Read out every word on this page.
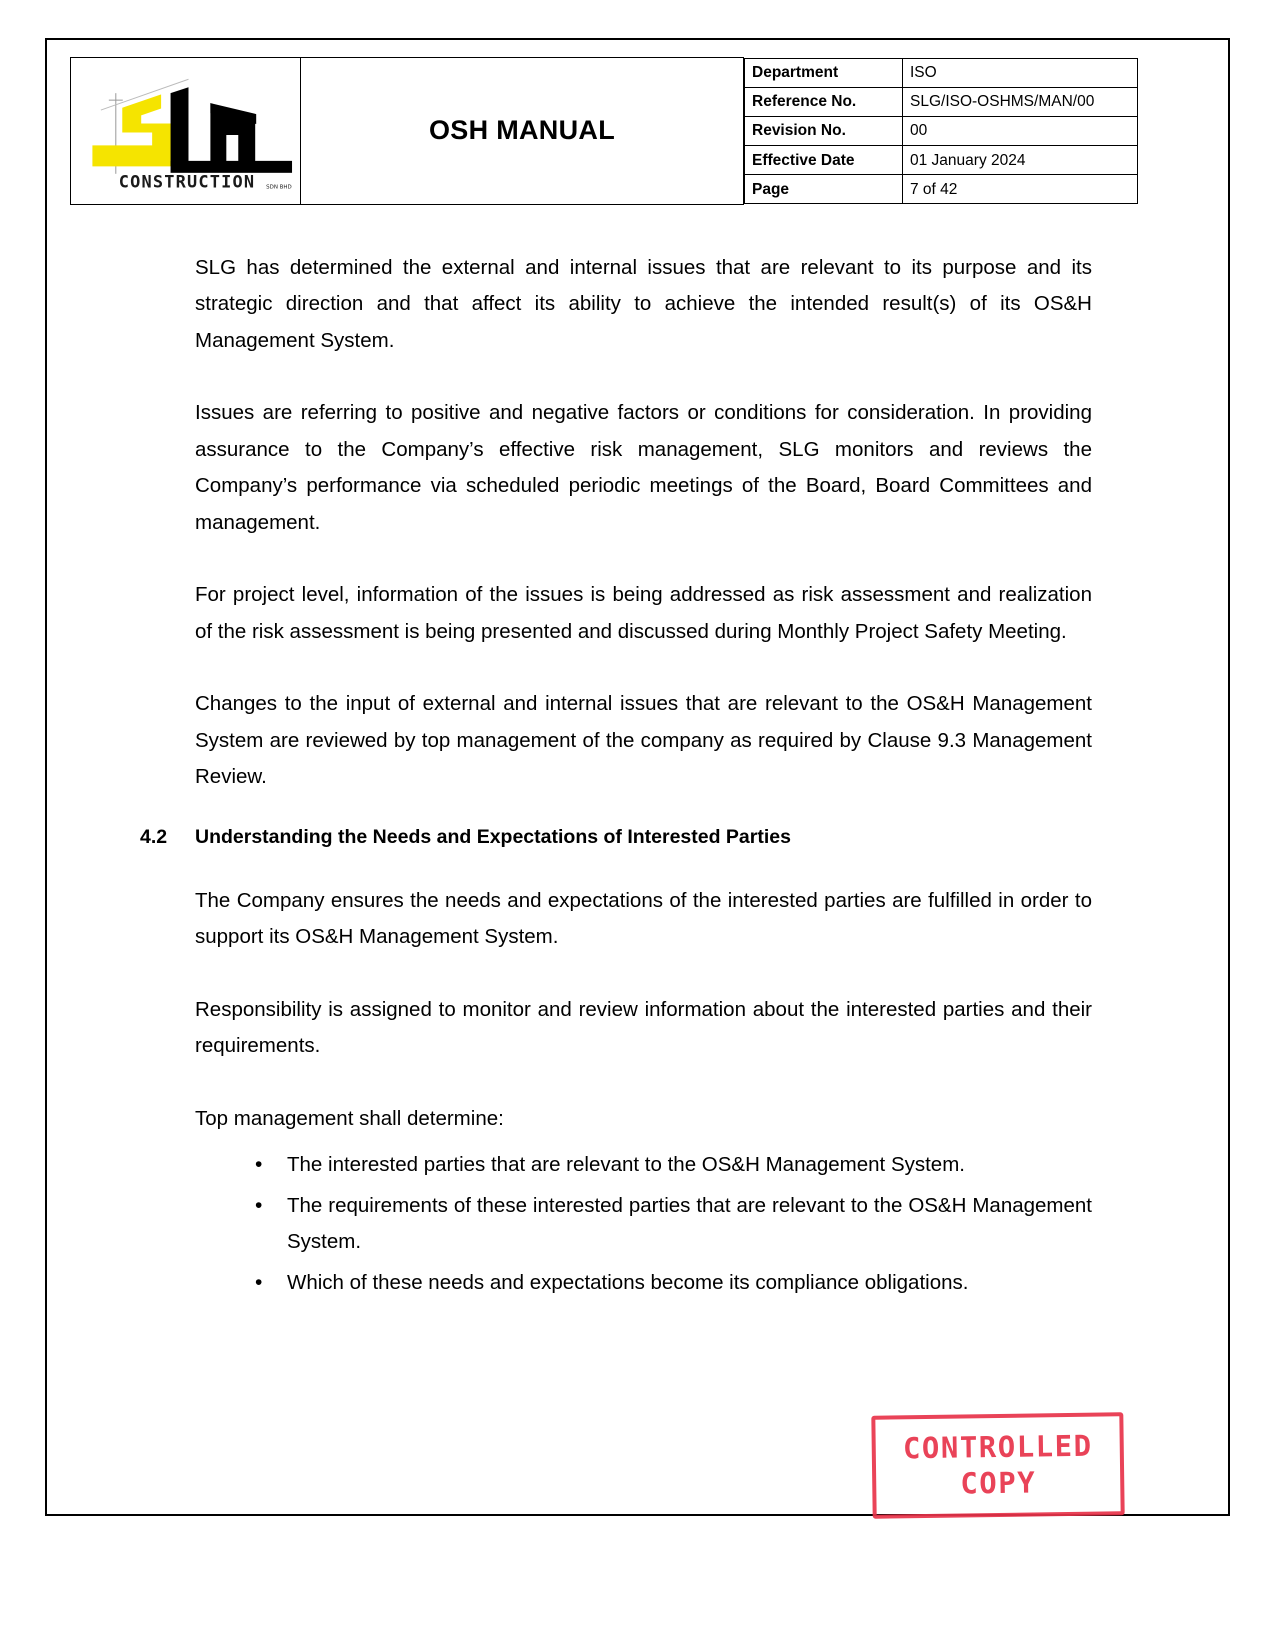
CONSTRUCTION SDN BHD
	OSH MANUAL	
Department	ISO
Reference No.	SLG/ISO-OSHMS/MAN/00
Revision No.	00
Effective Date	01 January 2024
Page	7 of 42

SLG has determined the external and internal issues that are relevant to its purpose and its strategic direction and that affect its ability to achieve the intended result(s) of its OS&H Management System.

Issues are referring to positive and negative factors or conditions for consideration. In providing assurance to the Company’s effective risk management, SLG monitors and reviews the Company’s performance via scheduled periodic meetings of the Board, Board Committees and management.

For project level, information of the issues is being addressed as risk assessment and realization of the risk assessment is being presented and discussed during Monthly Project Safety Meeting.

Changes to the input of external and internal issues that are relevant to the OS&H Management System are reviewed by top management of the company as required by Clause 9.3 Management Review.

4.2	Understanding the Needs and Expectations of Interested Parties

The Company ensures the needs and expectations of the interested parties are fulfilled in order to support its OS&H Management System.

Responsibility is assigned to monitor and review information about the interested parties and their requirements.

Top management shall determine:

• The interested parties that are relevant to the OS&H Management System.
• The requirements of these interested parties that are relevant to the OS&H Management System.
• Which of these needs and expectations become its compliance obligations.
CONTROLLED
COPY
